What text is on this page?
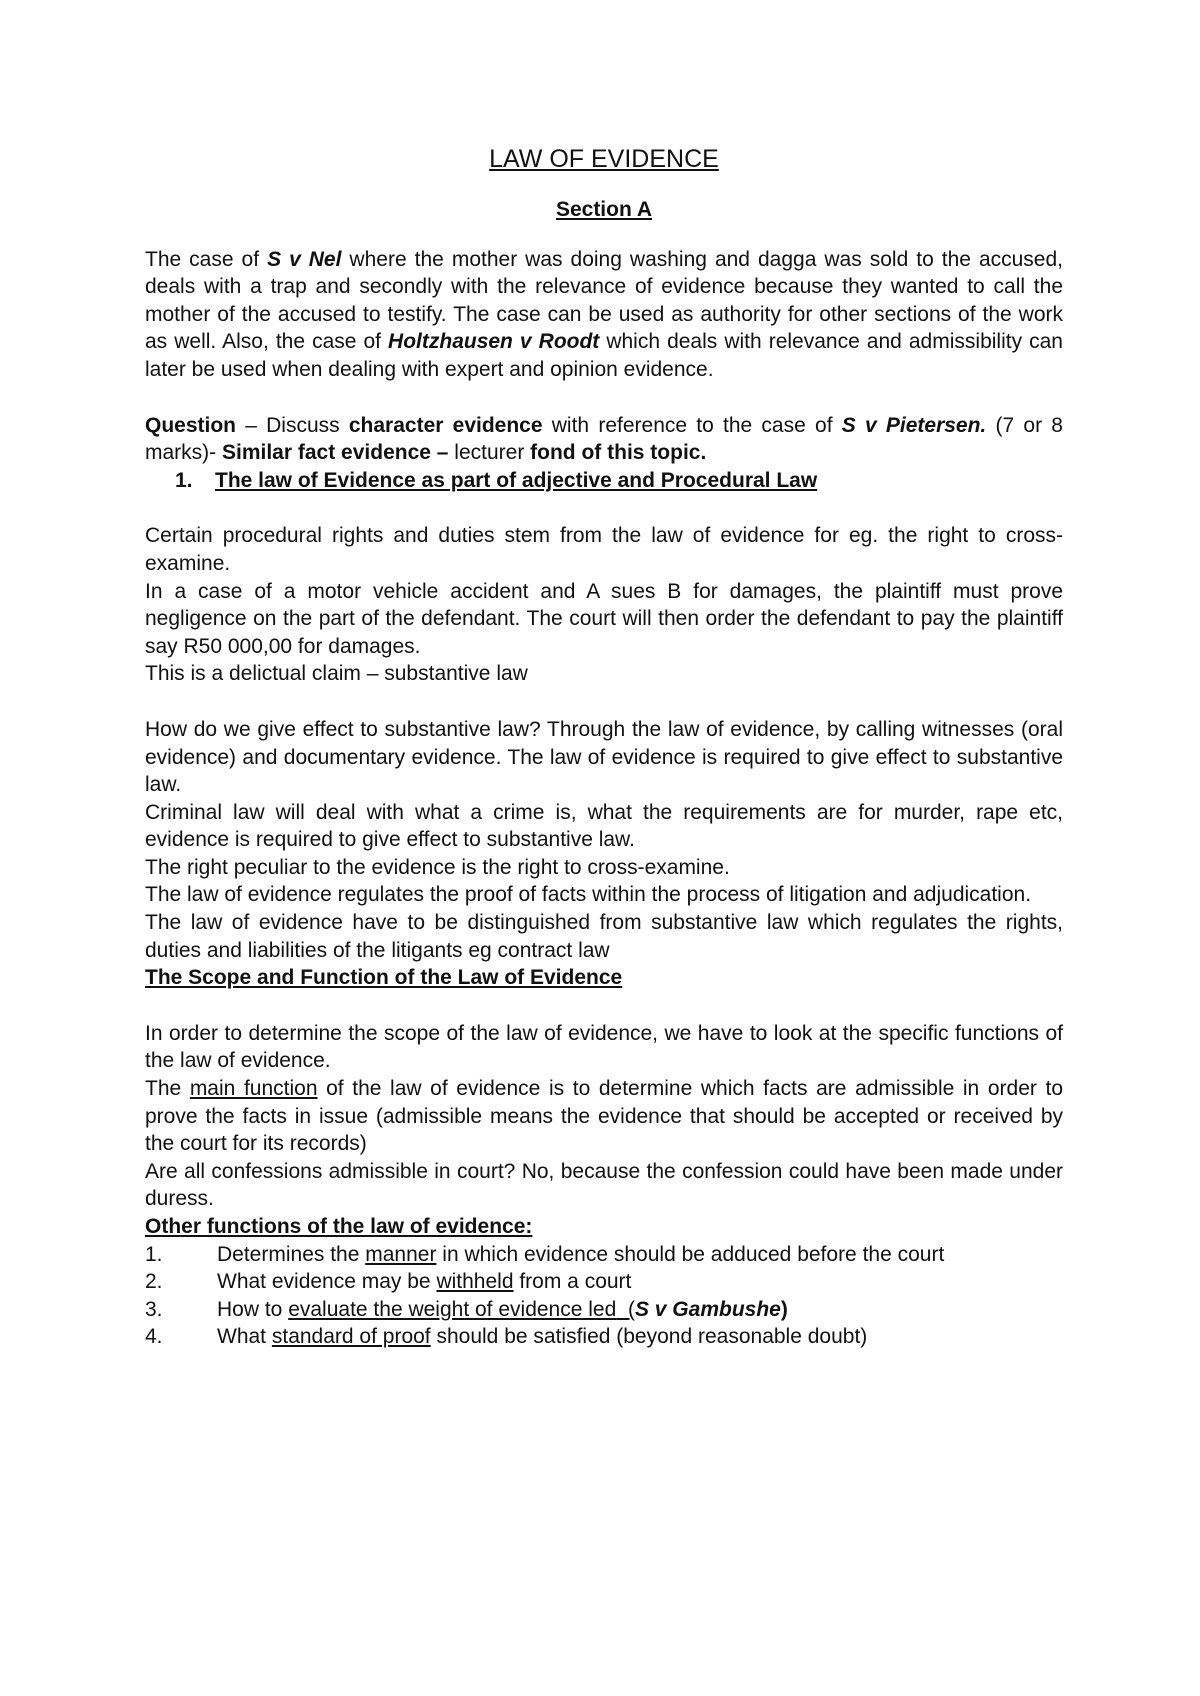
LAW OF EVIDENCE
Section A

The case of S v Nel where the mother was doing washing and dagga was sold to the accused, deals with a trap and secondly with the relevance of evidence because they wanted to call the mother of the accused to testify. The case can be used as authority for other sections of the work as well. Also, the case of Holtzhausen v Roodt which deals with relevance and admissibility can later be used when dealing with expert and opinion evidence.

Question – Discuss character evidence with reference to the case of S v Pietersen. (7 or 8 marks)- Similar fact evidence – lecturer fond of this topic.

1.	The law of Evidence as part of adjective and Procedural Law

Certain procedural rights and duties stem from the law of evidence for eg. the right to cross-examine.

In a case of a motor vehicle accident and A sues B for damages, the plaintiff must prove negligence on the part of the defendant. The court will then order the defendant to pay the plaintiff say R50 000,00 for damages.

This is a delictual claim – substantive law

How do we give effect to substantive law? Through the law of evidence, by calling witnesses (oral evidence) and documentary evidence. The law of evidence is required to give effect to substantive law.

Criminal law will deal with what a crime is, what the requirements are for murder, rape etc, evidence is required to give effect to substantive law.

The right peculiar to the evidence is the right to cross-examine.

The law of evidence regulates the proof of facts within the process of litigation and adjudication.

The law of evidence have to be distinguished from substantive law which regulates the rights, duties and liabilities of the litigants eg contract law

The Scope and Function of the Law of Evidence

In order to determine the scope of the law of evidence, we have to look at the specific functions of the law of evidence.

The main function of the law of evidence is to determine which facts are admissible in order to prove the facts in issue (admissible means the evidence that should be accepted or received by the court for its records)

Are all confessions admissible in court? No, because the confession could have been made under duress.

Other functions of the law of evidence:
1.	Determines the manner in which evidence should be adduced before the court
2.	What evidence may be withheld from a court
3.	How to evaluate the weight of evidence led  (S v Gambushe)
4.	What standard of proof should be satisfied (beyond reasonable doubt)
